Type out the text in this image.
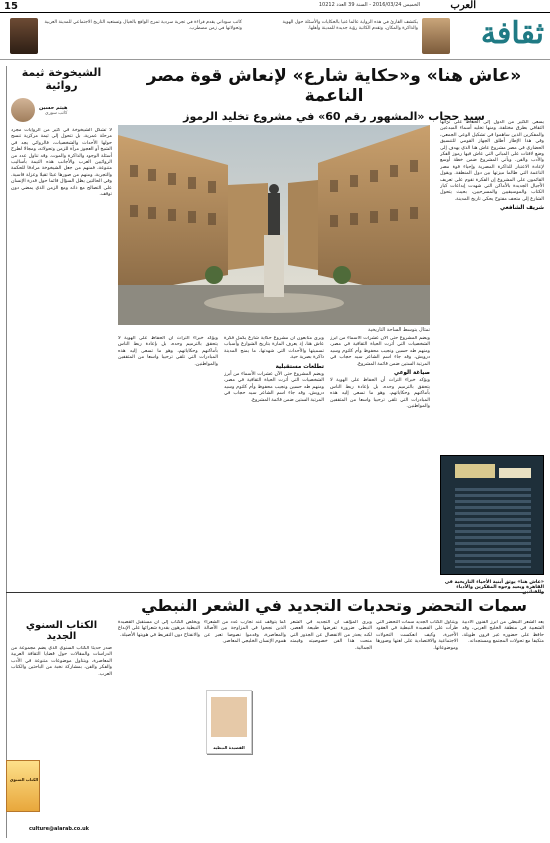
15	العرب
الخميس 2016/03/24 - السنة 39 العدد 10212
ثقافة
يكتشف القارئ في هذه الرواية عالما غنيا بالحكايات والأسئلة حول الهوية والذاكرة والمكان، وتقدم الكاتبة رؤية جديدة للمدينة وأهلها.
كاتب سوداني يقدم قراءة في تجربة سردية تمزج الواقع بالخيال وتستعيد التاريخ الاجتماعي للمدينة العربية وتحولاتها في زمن مضطرب.
«عاش هنا» و«حكاية شارع» لإنعاش قوة مصر الناعمة
سيد حجاب «المشهور رقم 60» في مشروع تخليد الرموز
تمثال يتوسط الساحة التاريخية
يسعى الكثير من الدول إلى الحفاظ على تراثها الثقافي بطرق مختلفة، ومنها تخليد أسماء المبدعين والمفكرين الذين ساهموا في تشكيل الوعي الجمعي، وفي هذا الإطار أطلق الجهاز القومي للتنسيق الحضاري في مصر مشروع عاش هنا الذي يهدف إلى وضع لافتات على المباني التي عاش فيها رموز الفكر والأدب والفن. ويأتي المشروع ضمن خطة أوسع لإعادة الاعتبار للذاكرة المصرية وإحياء قوة مصر الناعمة التي طالما ميزتها بين دول المنطقة. ويقول القائمون على المشروع إن الفكرة تقوم على تعريف الأجيال الجديدة بالأماكن التي شهدت إبداعات كبار الكتاب والموسيقيين والمسرحيين، بحيث يتحول الشارع إلى متحف مفتوح يحكي تاريخ المدينة.
شريف الشافعي
«عاش هنا» يوثق أبنية الأحياء التاريخية في القاهرة ويعيد وجوه المفكرين والأدباء
ويضم المشروع حتى الآن عشرات الأسماء من أبرز الشخصيات التي أثرت الحياة الثقافية في مصر، ومنهم طه حسين ونجيب محفوظ وأم كلثوم وسيد درويش، وقد جاء اسم الشاعر سيد حجاب في المرتبة الستين ضمن قائمة المشروع.
صياغة الوعي
ويؤكد خبراء التراث أن الحفاظ على الهوية لا يتحقق بالترميم وحده، بل بإعادة ربط الناس بأماكنهم وحكاياتهم، وهو ما تسعى إليه هذه المبادرات التي تلقى ترحيبا واسعا من المثقفين والمواطنين.
ويرى متابعون أن مشروع حكاية شارع يكمل فكرة عاش هنا، إذ يعرف المارة بتاريخ الشوارع وأسباب تسميتها والأحداث التي شهدتها، ما يمنح المدينة ذاكرة بصرية حية.
تطلعات مستقبلية
ويضم المشروع حتى الآن عشرات الأسماء من أبرز الشخصيات التي أثرت الحياة الثقافية في مصر، ومنهم طه حسين ونجيب محفوظ وأم كلثوم وسيد درويش، وقد جاء اسم الشاعر سيد حجاب في المرتبة الستين ضمن قائمة المشروع.
ويؤكد خبراء التراث أن الحفاظ على الهوية لا يتحقق بالترميم وحده، بل بإعادة ربط الناس بأماكنهم وحكاياتهم، وهو ما تسعى إليه هذه المبادرات التي تلقى ترحيبا واسعا من المثقفين والمواطنين.
الشيخوخة ثيمة روائية
هيثم حسين
كاتب سوري
لا تشكل الشيخوخة في كثير من الروايات مجرد مرحلة عمرية، بل تتحول إلى ثيمة مركزية تنسج حولها الأحداث والشخصيات، فالروائي يجد في الشيخ أو العجوز مرآة للزمن وتحولاته، ومجالا لطرح أسئلة الوجود والذاكرة والموت. وقد تناول عدد من الروائيين العرب والأجانب هذه الثيمة بأساليب متنوعة، فمنهم من جعل الشيخوخة مرادفا للحكمة والتجربة، ومنهم من صورها عبئا ثقيلا وعزلة قاسية. وفي الحالتين يظل السؤال قائما حول قدرة الإنسان على التصالح مع ذاته ومع الزمن الذي يمضي دون توقف.
سمات التحضر وتحديات التجديد في الشعر النبطي
يعد الشعر النبطي من أبرز الفنون الأدبية الشعبية في منطقة الخليج العربي، وقد حافظ على حضوره عبر قرون طويلة، متكيفا مع تحولات المجتمع ومستجداته.
ويتناول الكتاب الجديد سمات التحضر التي طرأت على القصيدة النبطية في العقود الأخيرة، وكيف انعكست التحولات الاجتماعية والاقتصادية على لغتها وصورها وموضوعاتها.
ويرى المؤلف أن التجديد في الشعر النبطي ضرورة تفرضها طبيعة العصر، لكنه يحذر من الانفصال عن الجذور التي منحت هذا الفن خصوصيته وقيمته الجمالية.
كما يتوقف عند تجارب عدد من الشعراء الذين نجحوا في المزاوجة بين الأصالة والمعاصرة، وقدموا نصوصا تعبر عن هموم الإنسان الخليجي المعاصر.
ويخلص الكتاب إلى أن مستقبل القصيدة النبطية مرهون بقدرة شعرائها على الإبداع والانفتاح دون التفريط في هويتها الأصيلة.
القصيدة النبطية
الكتاب السنوي الجديد
صدر حديثا الكتاب السنوي الذي يضم مجموعة من الدراسات والمقالات حول قضايا الثقافة العربية المعاصرة، ويتناول موضوعات متنوعة في الأدب والفكر والفن، بمشاركة نخبة من الباحثين والكتاب العرب.
الكتاب السنوي
culture@alarab.co.uk
